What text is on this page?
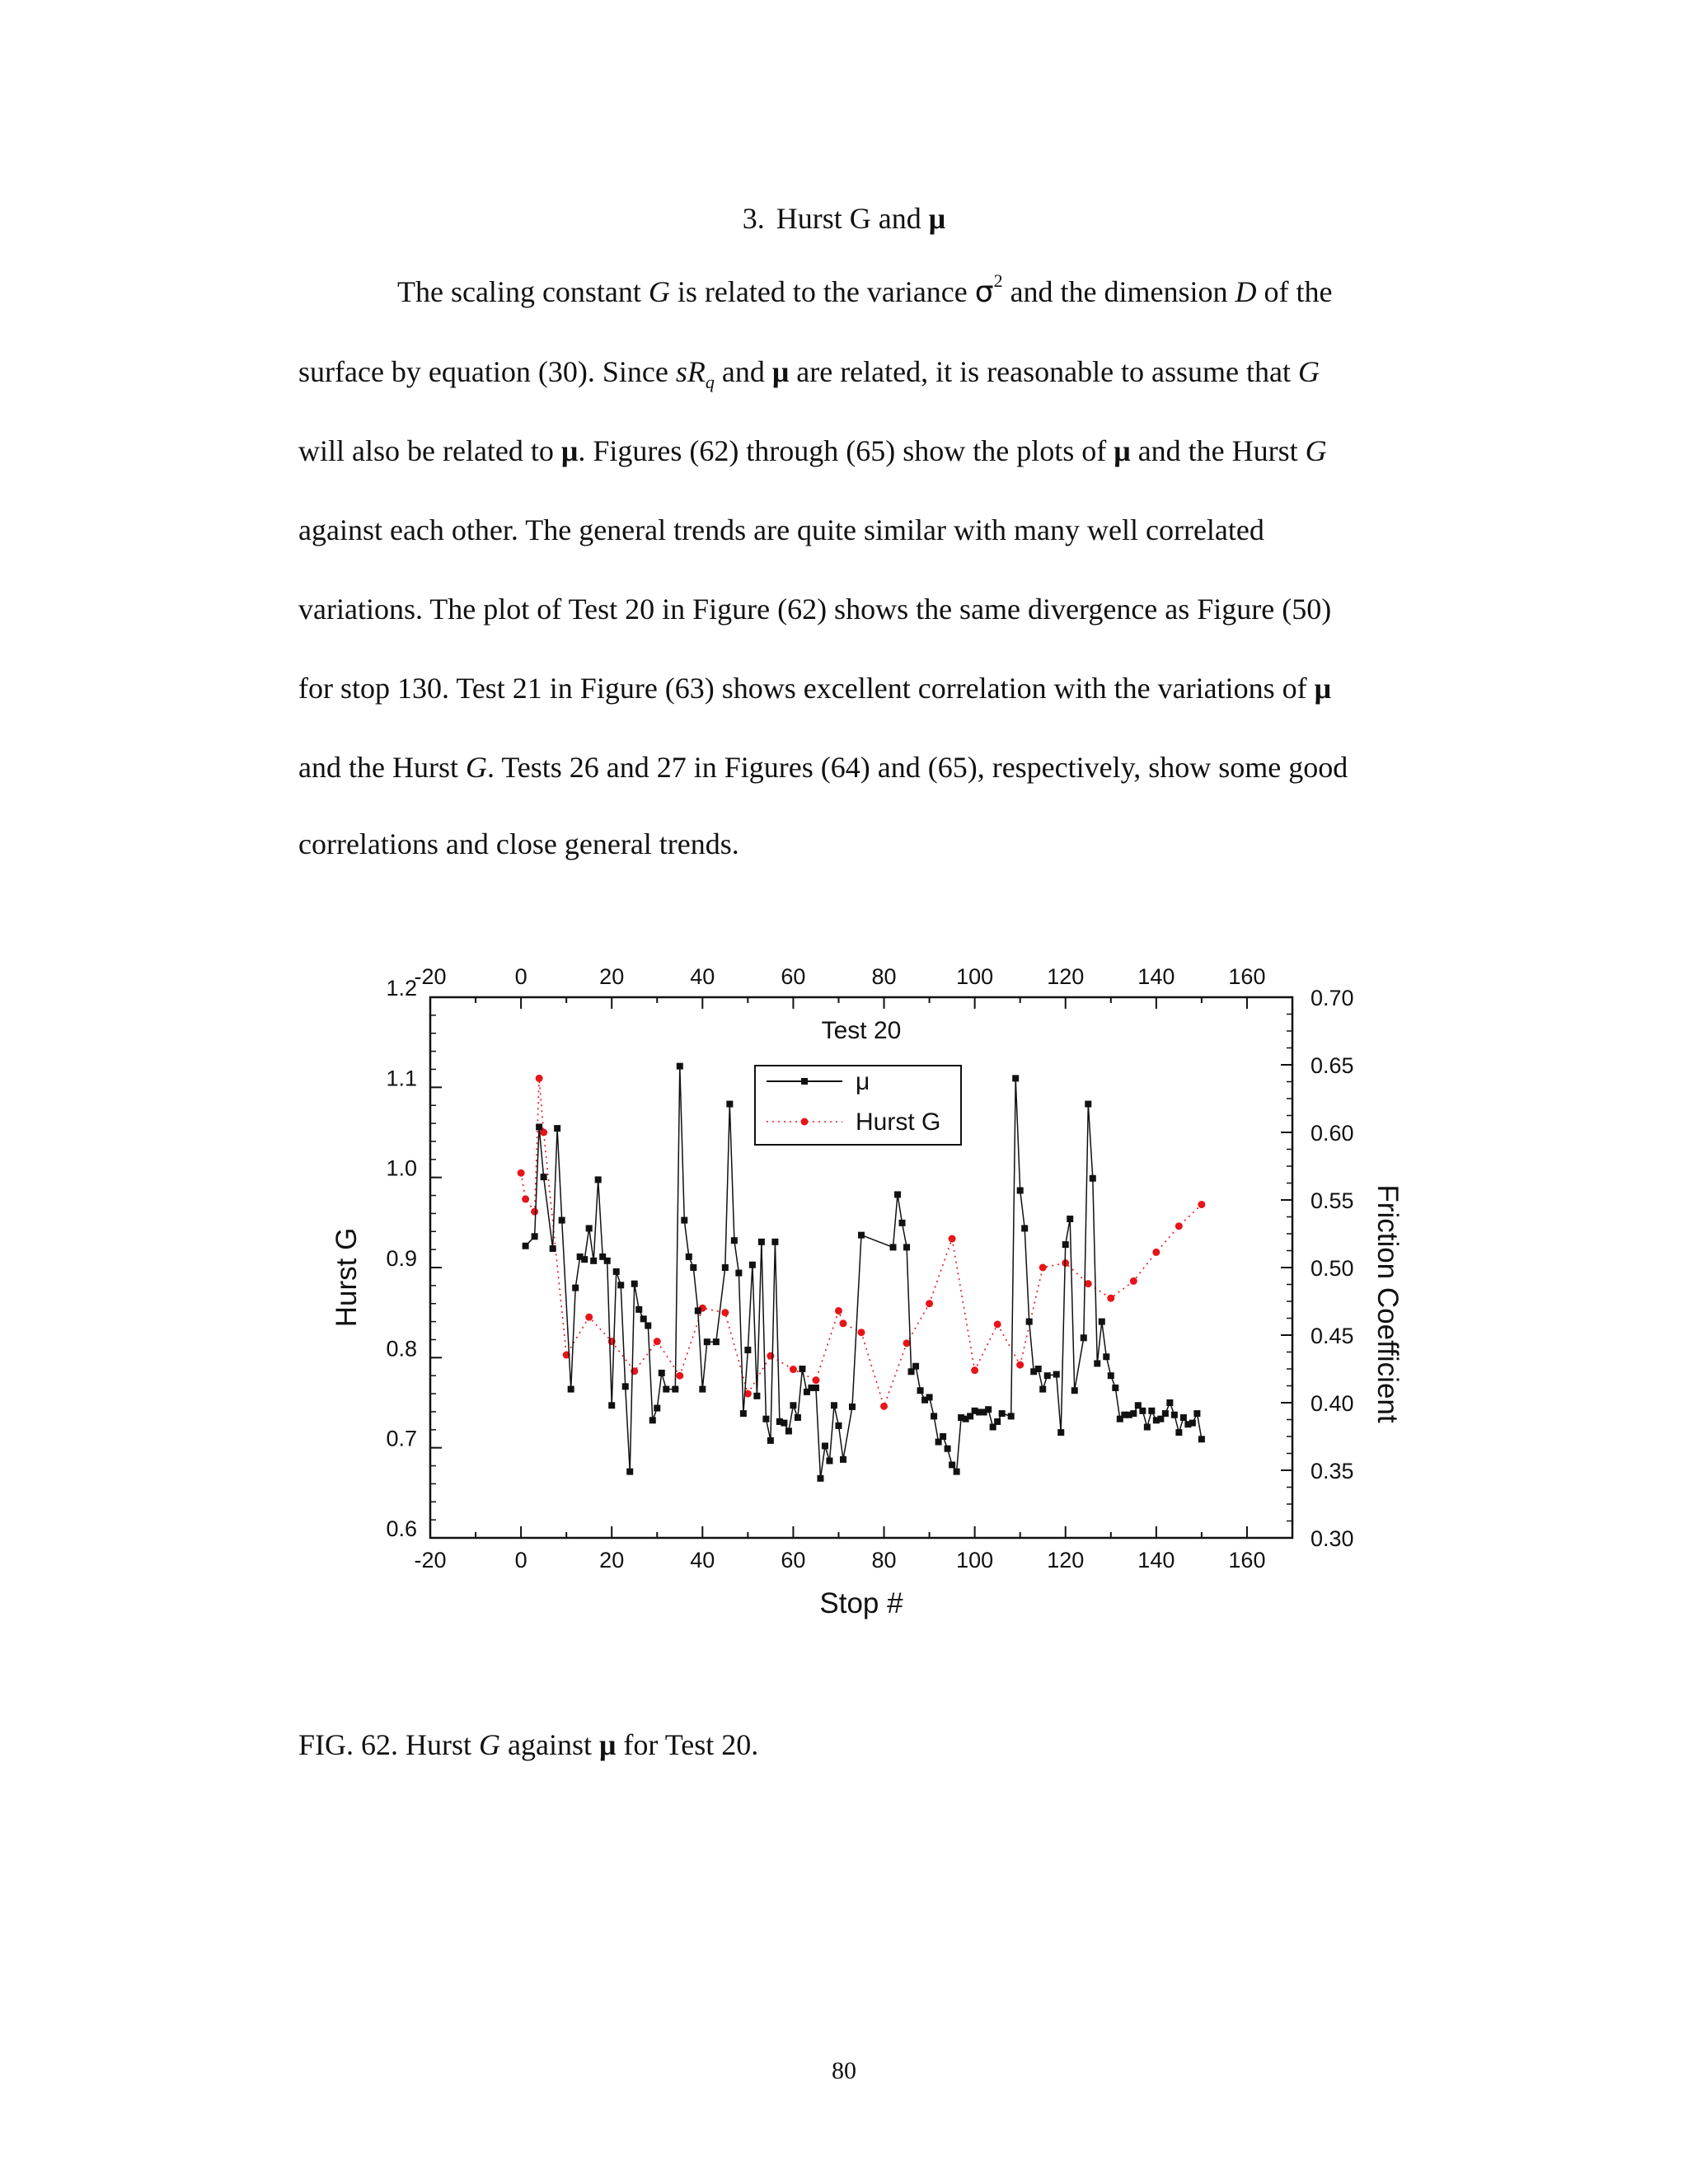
3. Hurst G and μ
The scaling constant G is related to the variance $\sigma^2$ and the dimension D of the
surface by equation (30). Since $sR_q$ and μ are related, it is reasonable to assume that G
will also be related to μ. Figures (62) through (65) show the plots of μ and the Hurst G
against each other. The general trends are quite similar with many well correlated
variations. The plot of Test 20 in Figure (62) shows the same divergence as Figure (50)
for stop 130. Test 21 in Figure (63) shows excellent correlation with the variations of μ
and the Hurst G. Tests 26 and 27 in Figures (64) and (65), respectively, show some good
correlations and close general trends.
-20
-20
0
0
20
20
40
40
60
60
80
80
100
100
120
120
140
140
160
160
0.6
0.7
0.8
0.9
1.0
1.1
1.2
0.30
0.35
0.40
0.45
0.50
0.55
0.60
0.65
0.70
Stop #
Hurst G	Friction Coefficient
Test 20
μ
Hurst G
FIG. 62. Hurst G against μ for Test 20.
80
